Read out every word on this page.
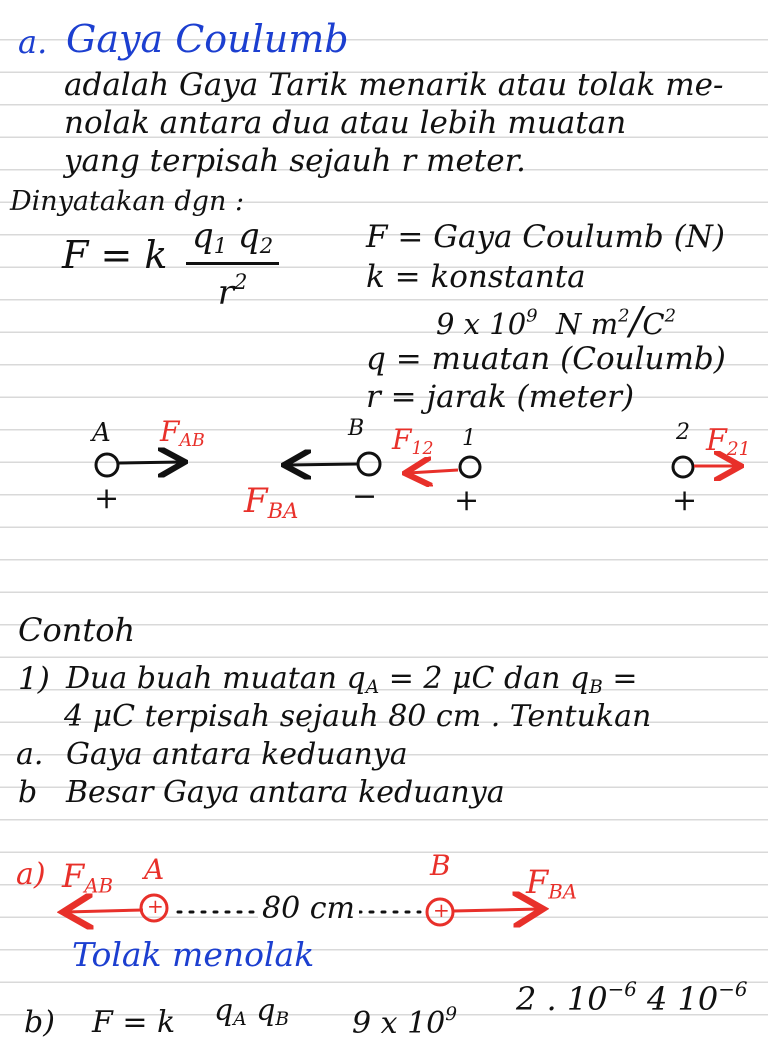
a. Gaya Coulumb
adalah Gaya Tarik menarik atau tolak me-
nolak antara dua atau lebih muatan
yang terpisah sejauh r meter.
Dinyatakan dgn :
F = k $\frac{q_1 q_2}{r^2}$	F = Gaya Coulumb (N)
k = konstanta
9 x $10^9$ N $m^2/C^2$
q = muatan (Coulumb)
r = jarak (meter)
A $F_{AB}$
+	$F_{BA}$
B
−
$F_{12}$ 1
+
2 $F_{21}$
+
Contoh
1) Dua buah muatan $q_A = 2$ μC dan $q_B$ =
4 μC terpisah sejauh 80 cm . Tentukan
a. Gaya antara keduanya
b Besar Gaya antara keduanya
a) $F_{AB}$
A
+	80 cm
B
+
$F_{BA}$
Tolak menolak
b) F = k $q_A$ $q_B$ 9 x $10^9$ 2 . $10^{-6}$ 4 $10^{-6}$
